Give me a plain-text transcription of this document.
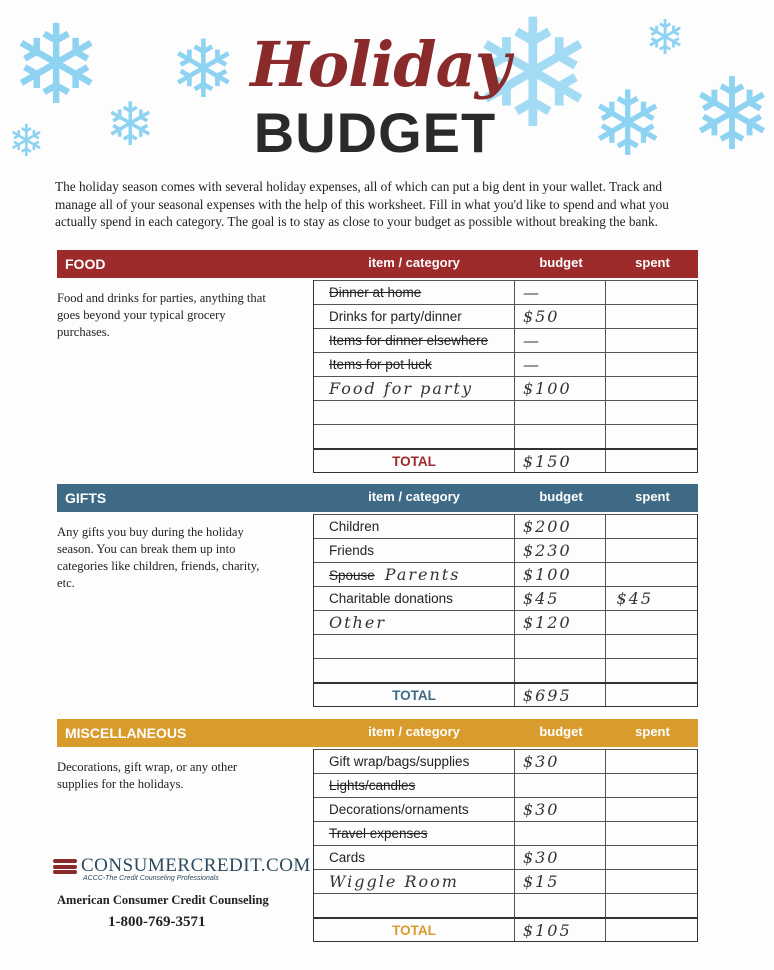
❄ ❄
❄
❄	❄ ❄
❄ ❄
Holiday
BUDGET
The holiday season comes with several holiday expenses, all of which can put a big dent in your wallet. Track and manage all of your seasonal expenses with the help of this worksheet. Fill in what you'd like to spend and what you actually spend in each category. The goal is to stay as close to your budget as possible without breaking the bank.
FOOD	item / category	budget	spent
Food and drinks for parties, anything that goes beyond your typical grocery purchases.
Dinner at home	—
Drinks for party/dinner	$50
Items for dinner elsewhere	—
Items for pot luck	—
Food for party	$100
TOTAL	$150
GIFTS	item / category	budget	spent
Any gifts you buy during the holiday season. You can break them up into categories like children, friends, charity, etc.
Children	$200
Friends	$230
Spouse Parents	$100
Charitable donations	$45	$45
Other	$120
TOTAL	$695
MISCELLANEOUS	item / category	budget	spent
Decorations, gift wrap, or any other supplies for the holidays.
Gift wrap/bags/supplies	$30
Lights/candles
Decorations/ornaments	$30
Travel expenses
Cards	$30
Wiggle Room	$15
TOTAL	$105
CONSUMERCREDIT.COM
ACCC-The Credit Counseling Professionals
American Consumer Credit Counseling
1-800-769-3571
